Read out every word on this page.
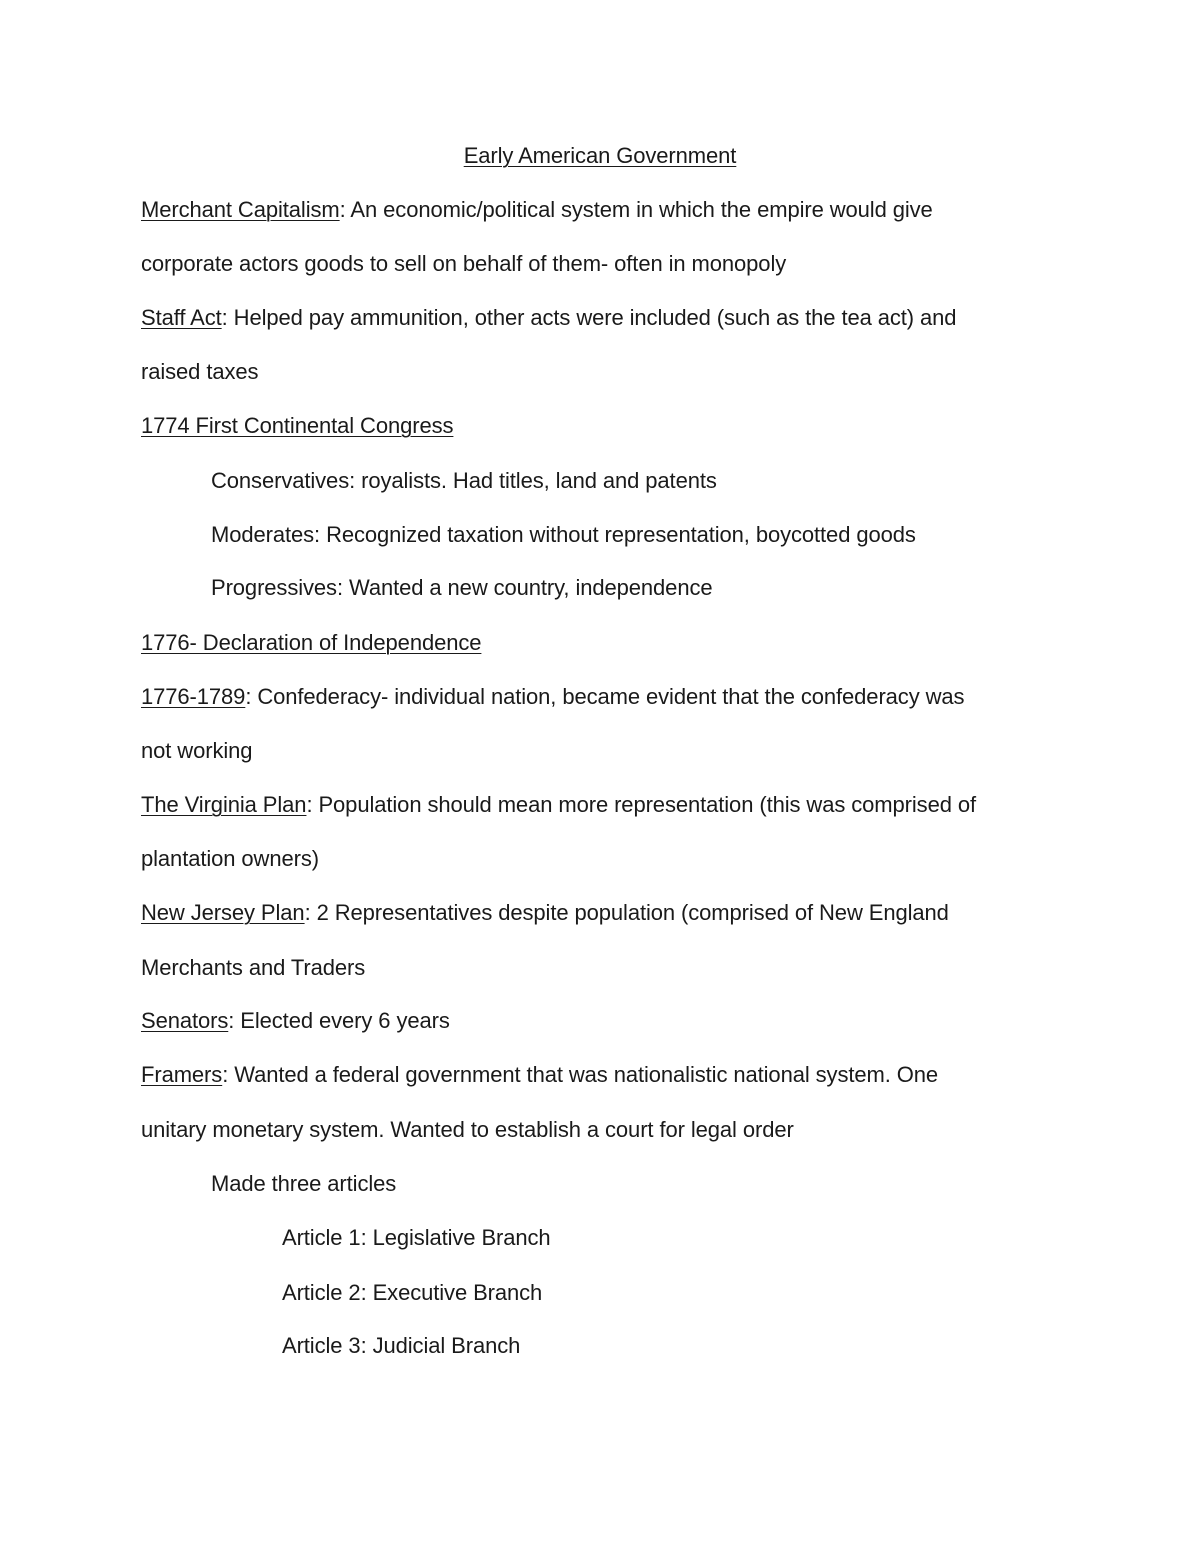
Early American Government
Merchant Capitalism: An economic/political system in which the empire would give
corporate actors goods to sell on behalf of them- often in monopoly
Staff Act: Helped pay ammunition, other acts were included (such as the tea act) and
raised taxes
1774 First Continental Congress
Conservatives: royalists. Had titles, land and patents
Moderates: Recognized taxation without representation, boycotted goods
Progressives: Wanted a new country, independence
1776- Declaration of Independence
1776-1789: Confederacy- individual nation, became evident that the confederacy was
not working
The Virginia Plan: Population should mean more representation (this was comprised of
plantation owners)
New Jersey Plan: 2 Representatives despite population (comprised of New England
Merchants and Traders
Senators: Elected every 6 years
Framers: Wanted a federal government that was nationalistic national system. One
unitary monetary system. Wanted to establish a court for legal order
Made three articles
Article 1: Legislative Branch
Article 2: Executive Branch
Article 3: Judicial Branch
